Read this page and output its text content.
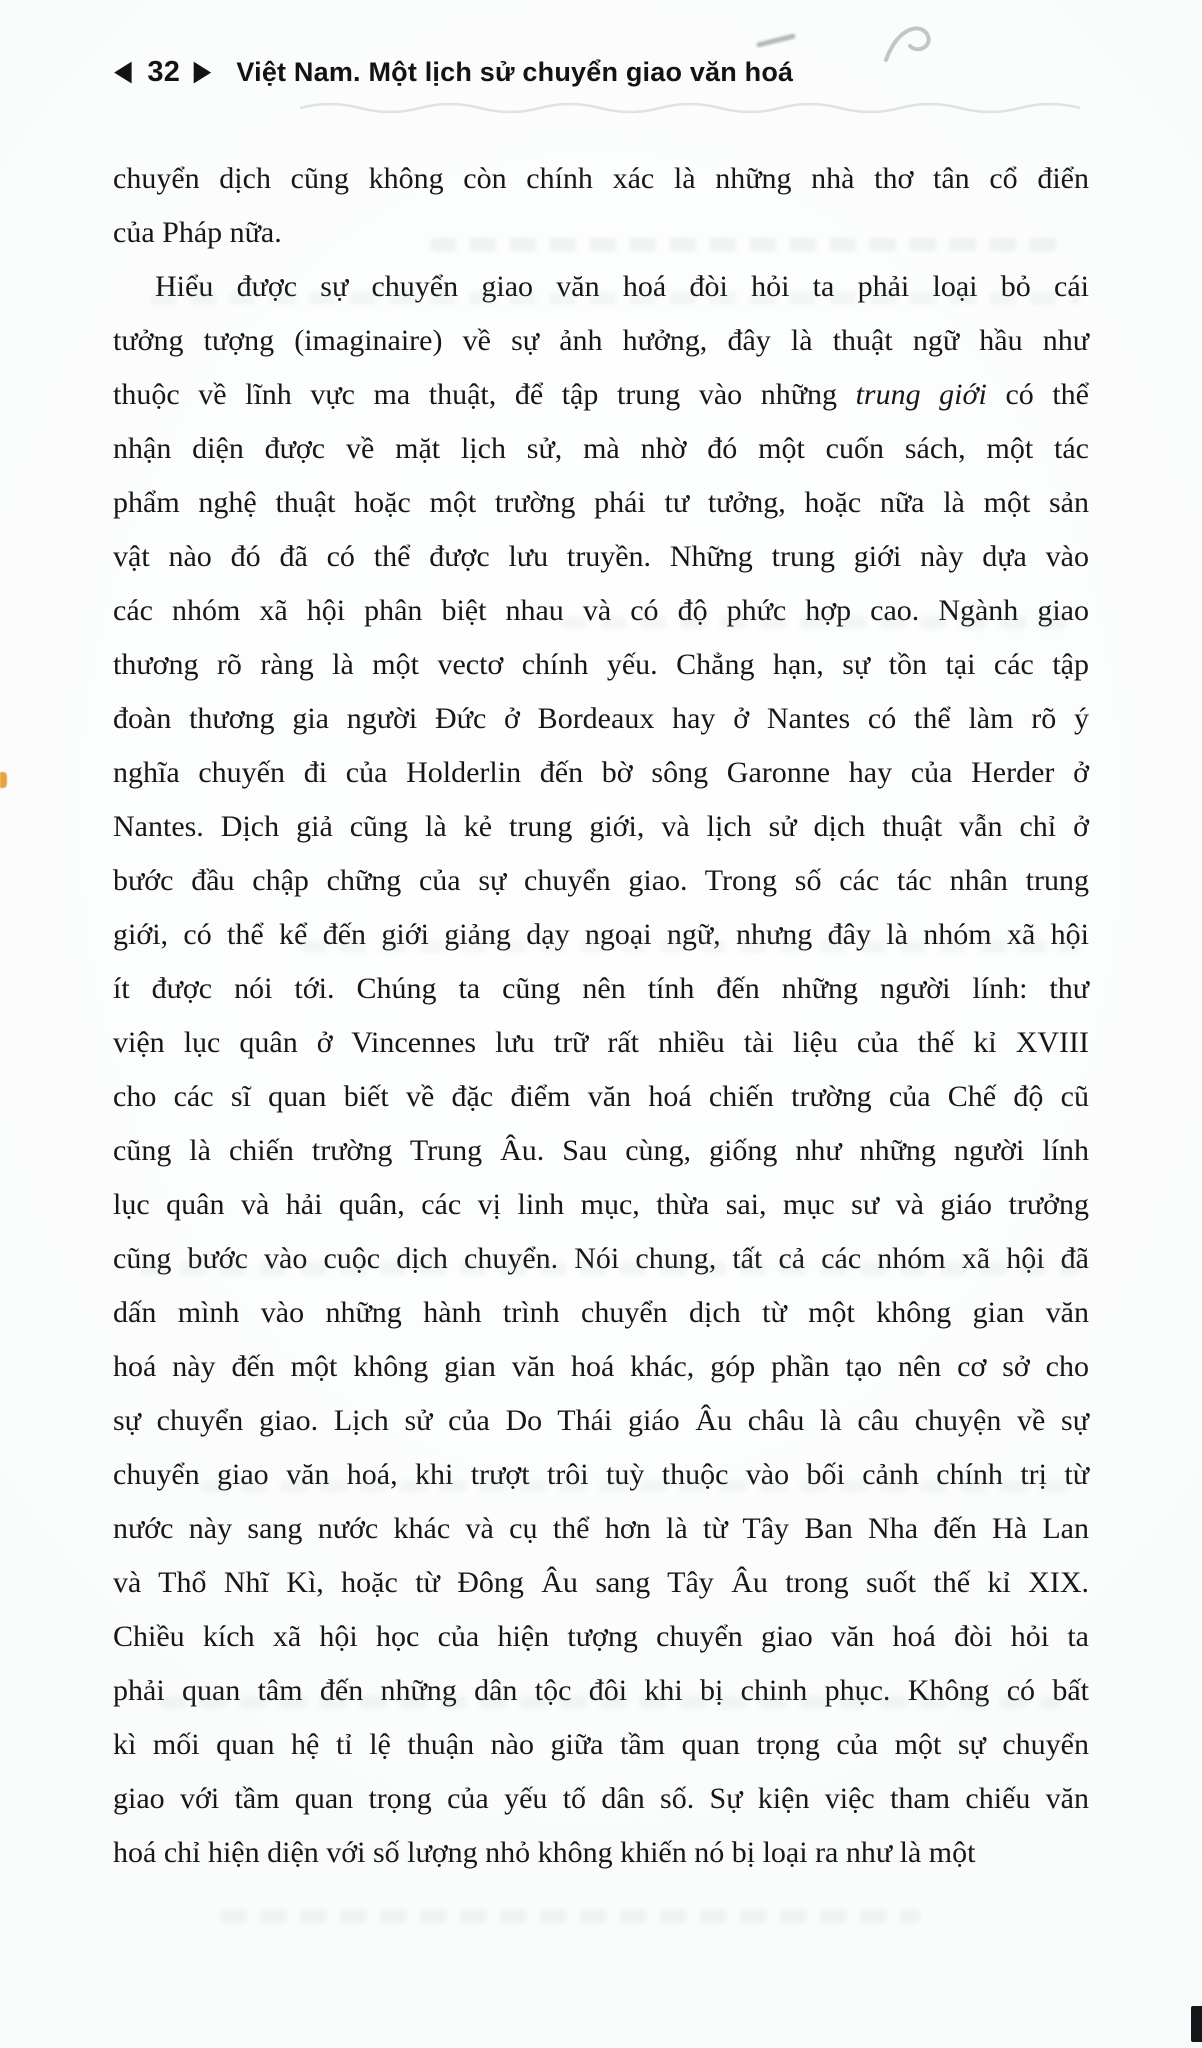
◀ 32 ▶ Việt Nam. Một lịch sử chuyển giao văn hoá
chuyển dịch cũng không còn chính xác là những nhà thơ tân cổ điển
của Pháp nữa.
Hiểu được sự chuyển giao văn hoá đòi hỏi ta phải loại bỏ cái
tưởng tượng (imaginaire) về sự ảnh hưởng, đây là thuật ngữ hầu như
thuộc về lĩnh vực ma thuật, để tập trung vào những trung giới có thể
nhận diện được về mặt lịch sử, mà nhờ đó một cuốn sách, một tác
phẩm nghệ thuật hoặc một trường phái tư tưởng, hoặc nữa là một sản
vật nào đó đã có thể được lưu truyền. Những trung giới này dựa vào
các nhóm xã hội phân biệt nhau và có độ phức hợp cao. Ngành giao
thương rõ ràng là một vectơ chính yếu. Chẳng hạn, sự tồn tại các tập
đoàn thương gia người Đức ở Bordeaux hay ở Nantes có thể làm rõ ý
nghĩa chuyến đi của Holderlin đến bờ sông Garonne hay của Herder ở
Nantes. Dịch giả cũng là kẻ trung giới, và lịch sử dịch thuật vẫn chỉ ở
bước đầu chập chững của sự chuyển giao. Trong số các tác nhân trung
giới, có thể kể đến giới giảng dạy ngoại ngữ, nhưng đây là nhóm xã hội
ít được nói tới. Chúng ta cũng nên tính đến những người lính: thư
viện lục quân ở Vincennes lưu trữ rất nhiều tài liệu của thế kỉ XVIII
cho các sĩ quan biết về đặc điểm văn hoá chiến trường của Chế độ cũ
cũng là chiến trường Trung Âu. Sau cùng, giống như những người lính
lục quân và hải quân, các vị linh mục, thừa sai, mục sư và giáo trưởng
cũng bước vào cuộc dịch chuyển. Nói chung, tất cả các nhóm xã hội đã
dấn mình vào những hành trình chuyển dịch từ một không gian văn
hoá này đến một không gian văn hoá khác, góp phần tạo nên cơ sở cho
sự chuyển giao. Lịch sử của Do Thái giáo Âu châu là câu chuyện về sự
chuyển giao văn hoá, khi trượt trôi tuỳ thuộc vào bối cảnh chính trị từ
nước này sang nước khác và cụ thể hơn là từ Tây Ban Nha đến Hà Lan
và Thổ Nhĩ Kì, hoặc từ Đông Âu sang Tây Âu trong suốt thế kỉ XIX.
Chiều kích xã hội học của hiện tượng chuyển giao văn hoá đòi hỏi ta
phải quan tâm đến những dân tộc đôi khi bị chinh phục. Không có bất
kì mối quan hệ tỉ lệ thuận nào giữa tầm quan trọng của một sự chuyển
giao với tầm quan trọng của yếu tố dân số. Sự kiện việc tham chiếu văn
hoá chỉ hiện diện với số lượng nhỏ không khiến nó bị loại ra như là một
